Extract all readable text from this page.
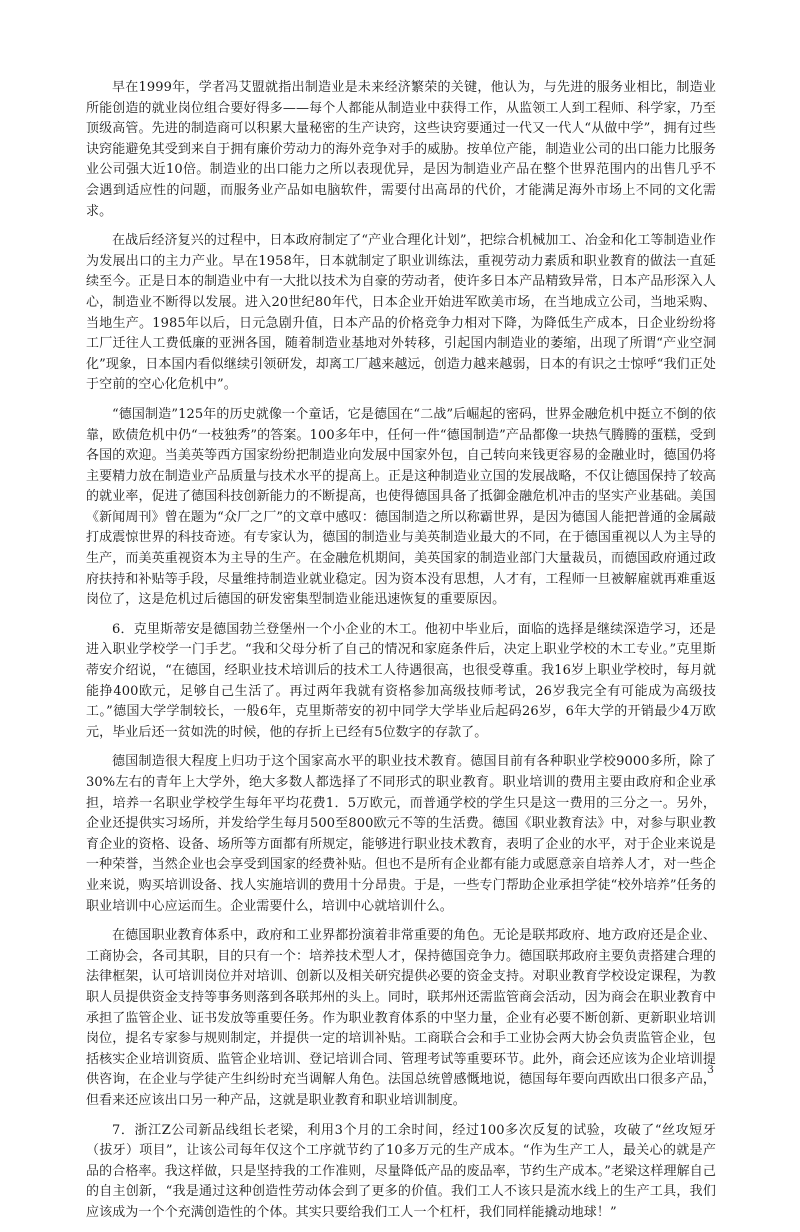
早在1999年，学者冯艾盟就指出制造业是未来经济繁荣的关键，他认为，与先进的服务业相比，制造业所能创造的就业岗位组合要好得多——每个人都能从制造业中获得工作，从监领工人到工程师、科学家，乃至顶级高管。先进的制造商可以积累大量秘密的生产诀窍，这些诀窍要通过一代又一代人“从做中学”，拥有过些诀窍能避免其受到来自于拥有廉价劳动力的海外竞争对手的威胁。按单位产能，制造业公司的出口能力比服务业公司强大近10倍。制造业的出口能力之所以表现优异，是因为制造业产品在整个世界范围内的出售几乎不会遇到适应性的问题，而服务业产品如电脑软件，需要付出高昂的代价，才能满足海外市场上不同的文化需求。

在战后经济复兴的过程中，日本政府制定了“产业合理化计划”，把综合机械加工、冶金和化工等制造业作为发展出口的主力产业。早在1958年，日本就制定了职业训练法，重视劳动力素质和职业教育的做法一直延续至今。正是日本的制造业中有一大批以技术为自豪的劳动者，使许多日本产品精致异常，日本产品形深入人心，制造业不断得以发展。进入20世纪80年代，日本企业开始进军欧美市场，在当地成立公司，当地采购、当地生产。1985年以后，日元急剧升值，日本产品的价格竞争力相对下降，为降低生产成本，日企业纷纷将工厂迁往人工费低廉的亚洲各国，随着制造业基地对外转移，引起国内制造业的萎缩，出现了所谓“产业空洞化”现象，日本国内看似继续引领研发，却离工厂越来越远，创造力越来越弱，日本的有识之士惊呼“我们正处于空前的空心化危机中”。

“德国制造”125年的历史就像一个童话，它是德国在“二战”后崛起的密码，世界金融危机中挺立不倒的依靠，欧债危机中仍“一枝独秀”的答案。100多年中，任何一件“德国制造”产品都像一块热气腾腾的蛋糕，受到各国的欢迎。当美英等西方国家纷纷把制造业向发展中国家外包，自己转向来钱更容易的金融业时，德国仍将主要精力放在制造业产品质量与技术水平的提高上。正是这种制造业立国的发展战略，不仅让德国保持了较高的就业率，促进了德国科技创新能力的不断提高，也使得德国具备了抵御金融危机冲击的坚实产业基础。美国《新闻周刊》曾在题为“众厂之厂”的文章中感叹：德国制造之所以称霸世界，是因为德国人能把普通的金属敲打成震惊世界的科技奇迹。有专家认为，德国的制造业与美英制造业最大的不同，在于德国重视以人为主导的生产，而美英重视资本为主导的生产。在金融危机期间，美英国家的制造业部门大量裁员，而德国政府通过政府扶持和补贴等手段，尽量维持制造业就业稳定。因为资本没有思想，人才有，工程师一旦被解雇就再难重返岗位了，这是危机过后德国的研发密集型制造业能迅速恢复的重要原因。

6．克里斯蒂安是德国勃兰登堡州一个小企业的木工。他初中毕业后，面临的选择是继续深造学习，还是进入职业学校学一门手艺。“我和父母分析了自己的情况和家庭条件后，决定上职业学校的木工专业。”克里斯蒂安介绍说，“在德国，经职业技术培训后的技术工人待遇很高，也很受尊重。我16岁上职业学校时，每月就能挣400欧元，足够自己生活了。再过两年我就有资格参加高级技师考试，26岁我完全有可能成为高级技工。”德国大学学制较长，一般6年，克里斯蒂安的初中同学大学毕业后起码26岁，6年大学的开销最少4万欧元，毕业后还一贫如洗的时候，他的存折上已经有5位数字的存款了。

德国制造很大程度上归功于这个国家高水平的职业技术教育。德国目前有各种职业学校9000多所，除了30%左右的青年上大学外，绝大多数人都选择了不同形式的职业教育。职业培训的费用主要由政府和企业承担，培养一名职业学校学生每年平均花费1．5万欧元，而普通学校的学生只是这一费用的三分之一。另外，企业还提供实习场所，并发给学生每月500至800欧元不等的生活费。德国《职业教育法》中，对参与职业教育企业的资格、设备、场所等方面都有所规定，能够进行职业技术教育，表明了企业的水平，对于企业来说是一种荣誉，当然企业也会享受到国家的经费补贴。但也不是所有企业都有能力或愿意亲自培养人才，对一些企业来说，购买培训设备、找人实施培训的费用十分昂贵。于是，一些专门帮助企业承担学徒“校外培养”任务的职业培训中心应运而生。企业需要什么，培训中心就培训什么。

在德国职业教育体系中，政府和工业界都扮演着非常重要的角色。无论是联邦政府、地方政府还是企业、工商协会，各司其职，目的只有一个：培养技术型人才，保持德国竞争力。德国联邦政府主要负责搭建合理的法律框架，认可培训岗位并对培训、创新以及相关研究提供必要的资金支持。对职业教育学校设定课程，为教职人员提供资金支持等事务则落到各联邦州的头上。同时，联邦州还需监管商会活动，因为商会在职业教育中承担了监管企业、证书发放等重要任务。作为职业教育体系的中坚力量，企业有必要不断创新、更新职业培训岗位，提名专家参与规则制定，并提供一定的培训补贴。工商联合会和手工业协会两大协会负责监管企业，包括核实企业培训资质、监管企业培训、登记培训合同、管理考试等重要环节。此外，商会还应该为企业培训提供咨询，在企业与学徒产生纠纷时充当调解人角色。法国总统曾感慨地说，德国每年要向西欧出口很多产品，但看来还应该出口另一种产品，这就是职业教育和职业培训制度。

7．浙江Z公司新品线组长老梁，利用3个月的工余时间，经过100多次反复的试验，攻破了“丝攻短牙（拔牙）项目”，让该公司每年仅这个工序就节约了10多万元的生产成本。“作为生产工人，最关心的就是产品的合格率。我这样做，只是坚持我的工作准则，尽量降低产品的废品率，节约生产成本。”老梁这样理解自己的自主创新，“我是通过这种创造性劳动体会到了更多的价值。我们工人不该只是流水线上的生产工具，我们应该成为一个个充满创造性的个体。其实只要给我们工人一个杠杆，我们同样能撬动地球！”

3
